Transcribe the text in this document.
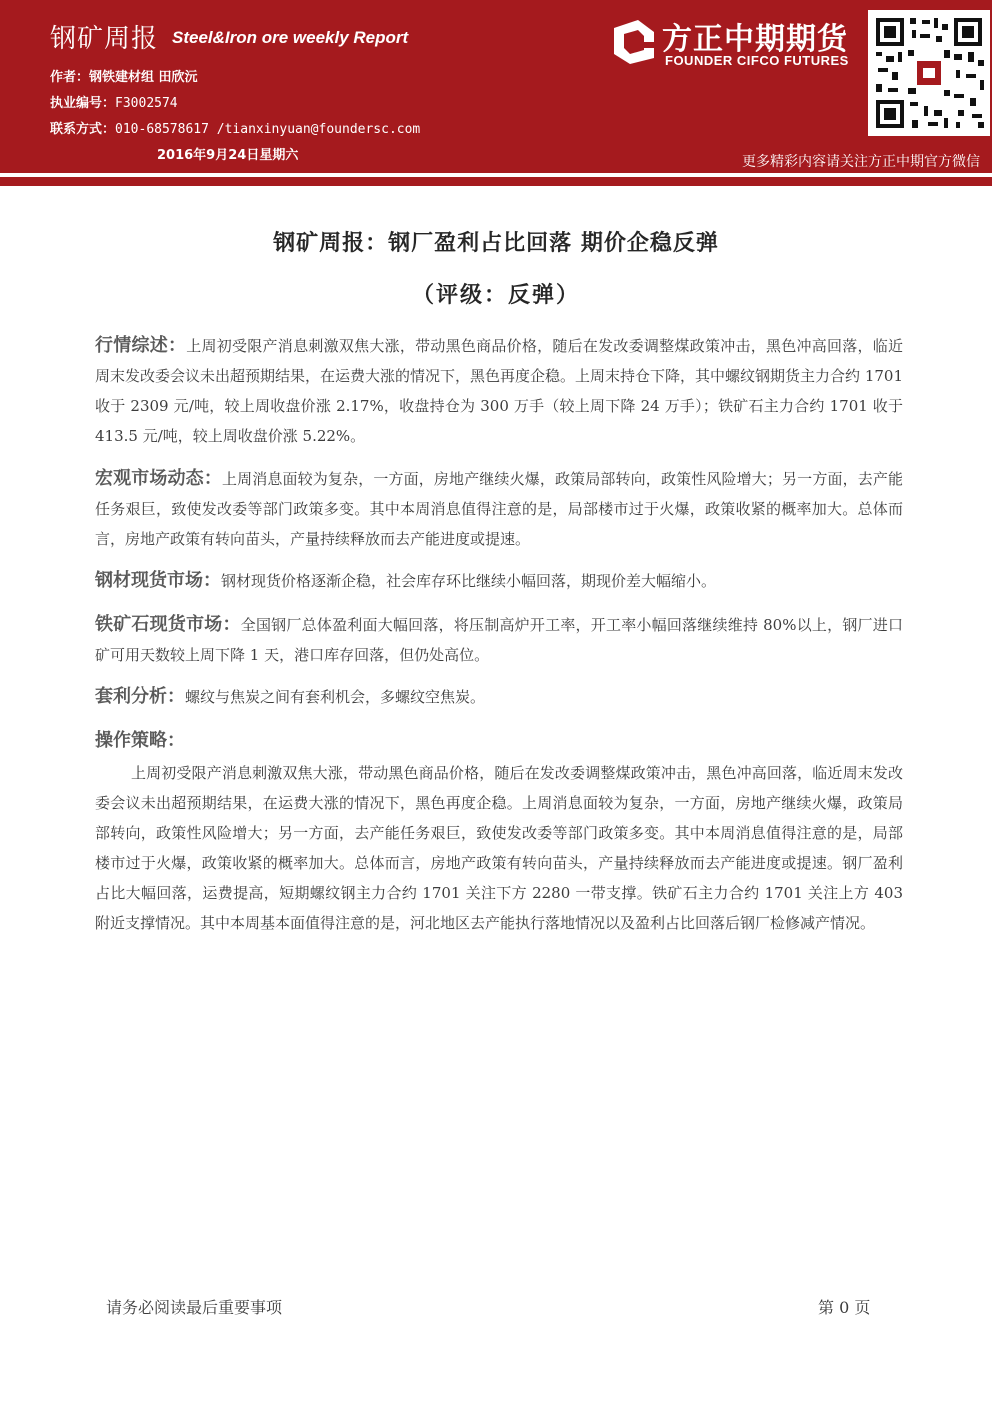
钢矿周报 Steel&Iron ore weekly Report
作者：钢铁建材组 田欣沅
执业编号：F3002574
联系方式：010-68578617 /tianxinyuan@foundersc.com
2016年9月24日星期六
方正中期期货
FOUNDER CIFCO FUTURES
更多精彩内容请关注方正中期官方微信
钢矿周报：钢厂盈利占比回落 期价企稳反弹
（评级：反弹）
行情综述：上周初受限产消息刺激双焦大涨，带动黑色商品价格，随后在发改委调整煤政策冲击，黑色冲高回落，临近周末发改委会议未出超预期结果，在运费大涨的情况下，黑色再度企稳。上周末持仓下降，其中螺纹钢期货主力合约 1701 收于 2309 元/吨，较上周收盘价涨 2.17%，收盘持仓为 300 万手（较上周下降 24 万手）；铁矿石主力合约 1701 收于 413.5 元/吨，较上周收盘价涨 5.22%。
宏观市场动态：上周消息面较为复杂，一方面，房地产继续火爆，政策局部转向，政策性风险增大；另一方面，去产能任务艰巨，致使发改委等部门政策多变。其中本周消息值得注意的是，局部楼市过于火爆，政策收紧的概率加大。总体而言，房地产政策有转向苗头，产量持续释放而去产能进度或提速。
钢材现货市场：钢材现货价格逐渐企稳，社会库存环比继续小幅回落，期现价差大幅缩小。
铁矿石现货市场：全国钢厂总体盈利面大幅回落，将压制高炉开工率，开工率小幅回落继续维持 80%以上，钢厂进口矿可用天数较上周下降 1 天，港口库存回落，但仍处高位。
套利分析：螺纹与焦炭之间有套利机会，多螺纹空焦炭。
操作策略：
上周初受限产消息刺激双焦大涨，带动黑色商品价格，随后在发改委调整煤政策冲击，黑色冲高回落，临近周末发改委会议未出超预期结果，在运费大涨的情况下，黑色再度企稳。上周消息面较为复杂，一方面，房地产继续火爆，政策局部转向，政策性风险增大；另一方面，去产能任务艰巨，致使发改委等部门政策多变。其中本周消息值得注意的是，局部楼市过于火爆，政策收紧的概率加大。总体而言，房地产政策有转向苗头，产量持续释放而去产能进度或提速。钢厂盈利占比大幅回落，运费提高，短期螺纹钢主力合约 1701 关注下方 2280 一带支撑。铁矿石主力合约 1701 关注上方 403 附近支撑情况。其中本周基本面值得注意的是，河北地区去产能执行落地情况以及盈利占比回落后钢厂检修减产情况。
请务必阅读最后重要事项	第 0 页
